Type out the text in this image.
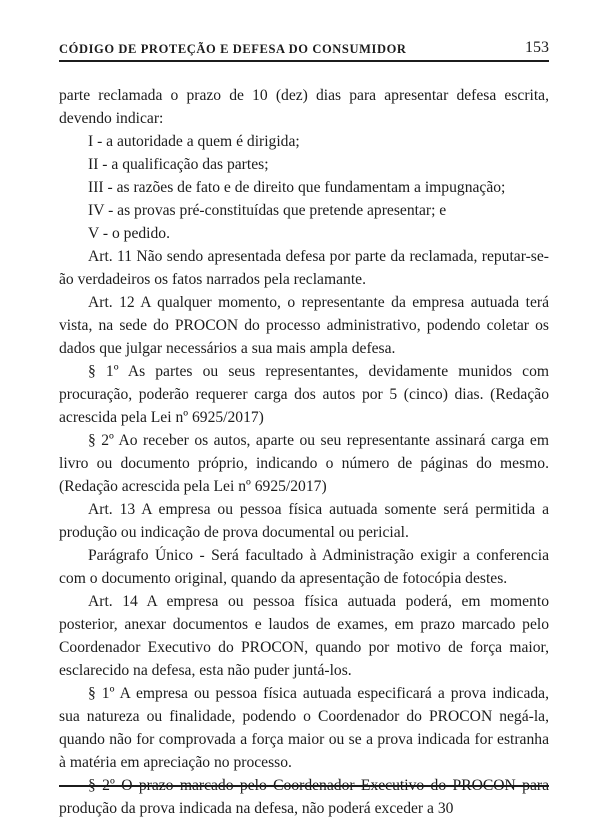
CÓDIGO DE PROTEÇÃO E DEFESA DO CONSUMIDOR	153

parte reclamada o prazo de 10 (dez) dias para apresentar defesa escrita, devendo indicar:

I - a autoridade a quem é dirigida;

II - a qualificação das partes;

III - as razões de fato e de direito que fundamentam a impugnação;

IV - as provas pré-constituídas que pretende apresentar; e

V - o pedido.

Art. 11 Não sendo apresentada defesa por parte da reclamada, reputar-se-ão verdadeiros os fatos narrados pela reclamante.

Art. 12 A qualquer momento, o representante da empresa autuada terá vista, na sede do PROCON do processo administrativo, podendo coletar os dados que julgar necessários a sua mais ampla defesa.

§ 1º As partes ou seus representantes, devidamente munidos com procuração, poderão requerer carga dos autos por 5 (cinco) dias. (Redação acrescida pela Lei nº 6925/2017)

§ 2º Ao receber os autos, aparte ou seu representante assinará carga em livro ou documento próprio, indicando o número de páginas do mesmo. (Redação acrescida pela Lei nº 6925/2017)

Art. 13 A empresa ou pessoa física autuada somente será permitida a produção ou indicação de prova documental ou pericial.

Parágrafo Único - Será facultado à Administração exigir a conferencia com o documento original, quando da apresentação de fotocópia destes.

Art. 14 A empresa ou pessoa física autuada poderá, em momento posterior, anexar documentos e laudos de exames, em prazo marcado pelo Coordenador Executivo do PROCON, quando por motivo de força maior, esclarecido na defesa, esta não puder juntá-los.

§ 1º A empresa ou pessoa física autuada especificará a prova indicada, sua natureza ou finalidade, podendo o Coordenador do PROCON negá-la, quando não for comprovada a força maior ou se a prova indicada for estranha à matéria em apreciação no processo.

§ 2º O prazo marcado pelo Coordenador Executivo do PROCON para produção da prova indicada na defesa, não poderá exceder a 30
